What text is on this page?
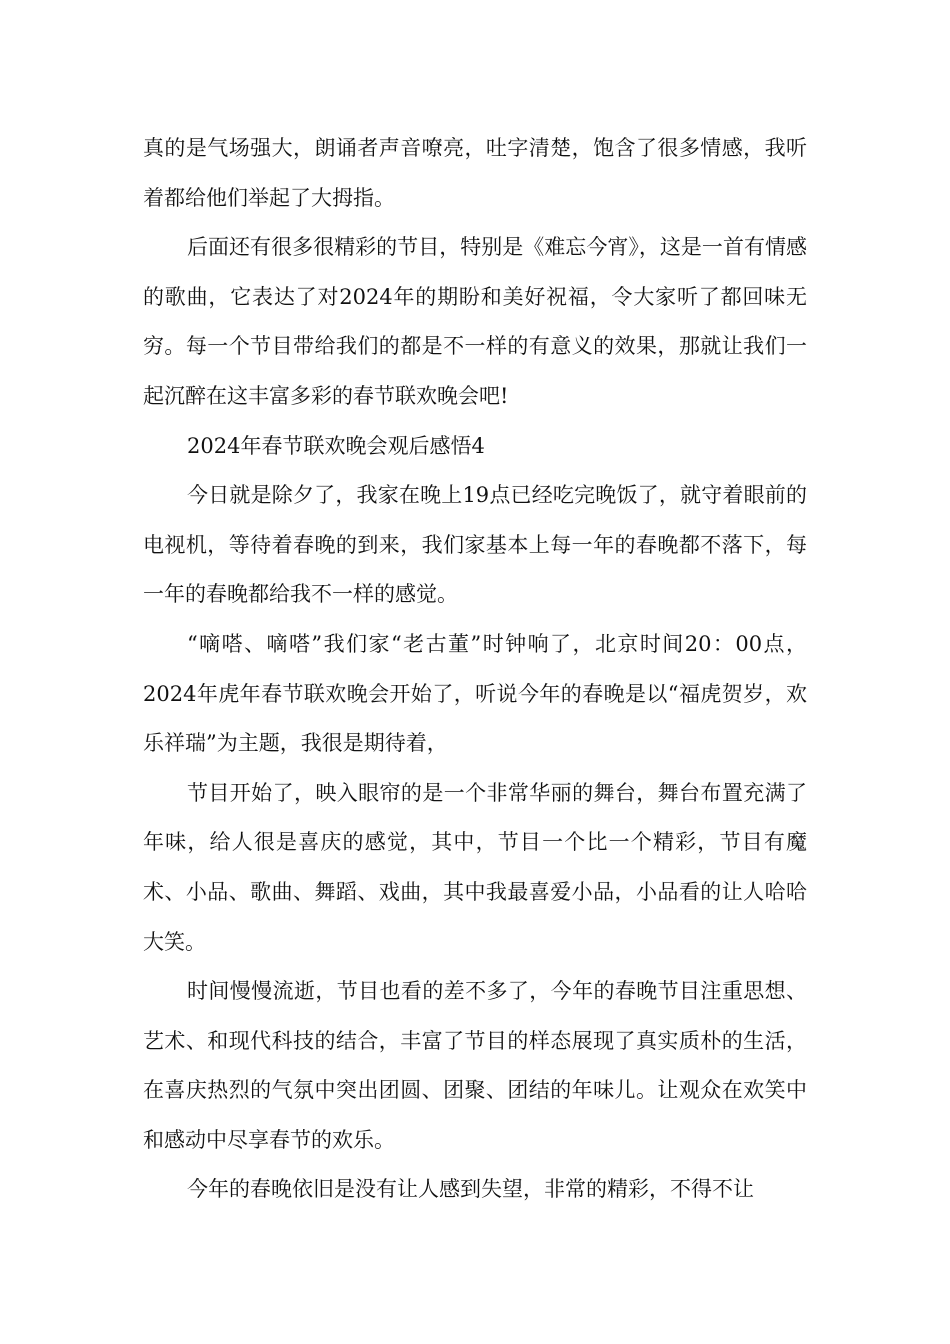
真的是气场强大，朗诵者声音嘹亮，吐字清楚，饱含了很多情感，我听着都给他们举起了大拇指。

后面还有很多很精彩的节目，特别是《难忘今宵》，这是一首有情感的歌曲，它表达了对2024年的期盼和美好祝福，令大家听了都回味无穷。每一个节目带给我们的都是不一样的有意义的效果，那就让我们一起沉醉在这丰富多彩的春节联欢晚会吧!

2024年春节联欢晚会观后感悟4

今日就是除夕了，我家在晚上19点已经吃完晚饭了，就守着眼前的电视机，等待着春晚的到来，我们家基本上每一年的春晚都不落下，每一年的春晚都给我不一样的感觉。

“嘀嗒、嘀嗒”我们家“老古董”时钟响了，北京时间20：00点，2024年虎年春节联欢晚会开始了，听说今年的春晚是以“福虎贺岁，欢乐祥瑞”为主题，我很是期待着，

节目开始了，映入眼帘的是一个非常华丽的舞台，舞台布置充满了年味，给人很是喜庆的感觉，其中，节目一个比一个精彩，节目有魔术、小品、歌曲、舞蹈、戏曲，其中我最喜爱小品，小品看的让人哈哈大笑。

时间慢慢流逝，节目也看的差不多了，今年的春晚节目注重思想、艺术、和现代科技的结合，丰富了节目的样态展现了真实质朴的生活，在喜庆热烈的气氛中突出团圆、团聚、团结的年味儿。让观众在欢笑中和感动中尽享春节的欢乐。

今年的春晚依旧是没有让人感到失望，非常的精彩，不得不让
